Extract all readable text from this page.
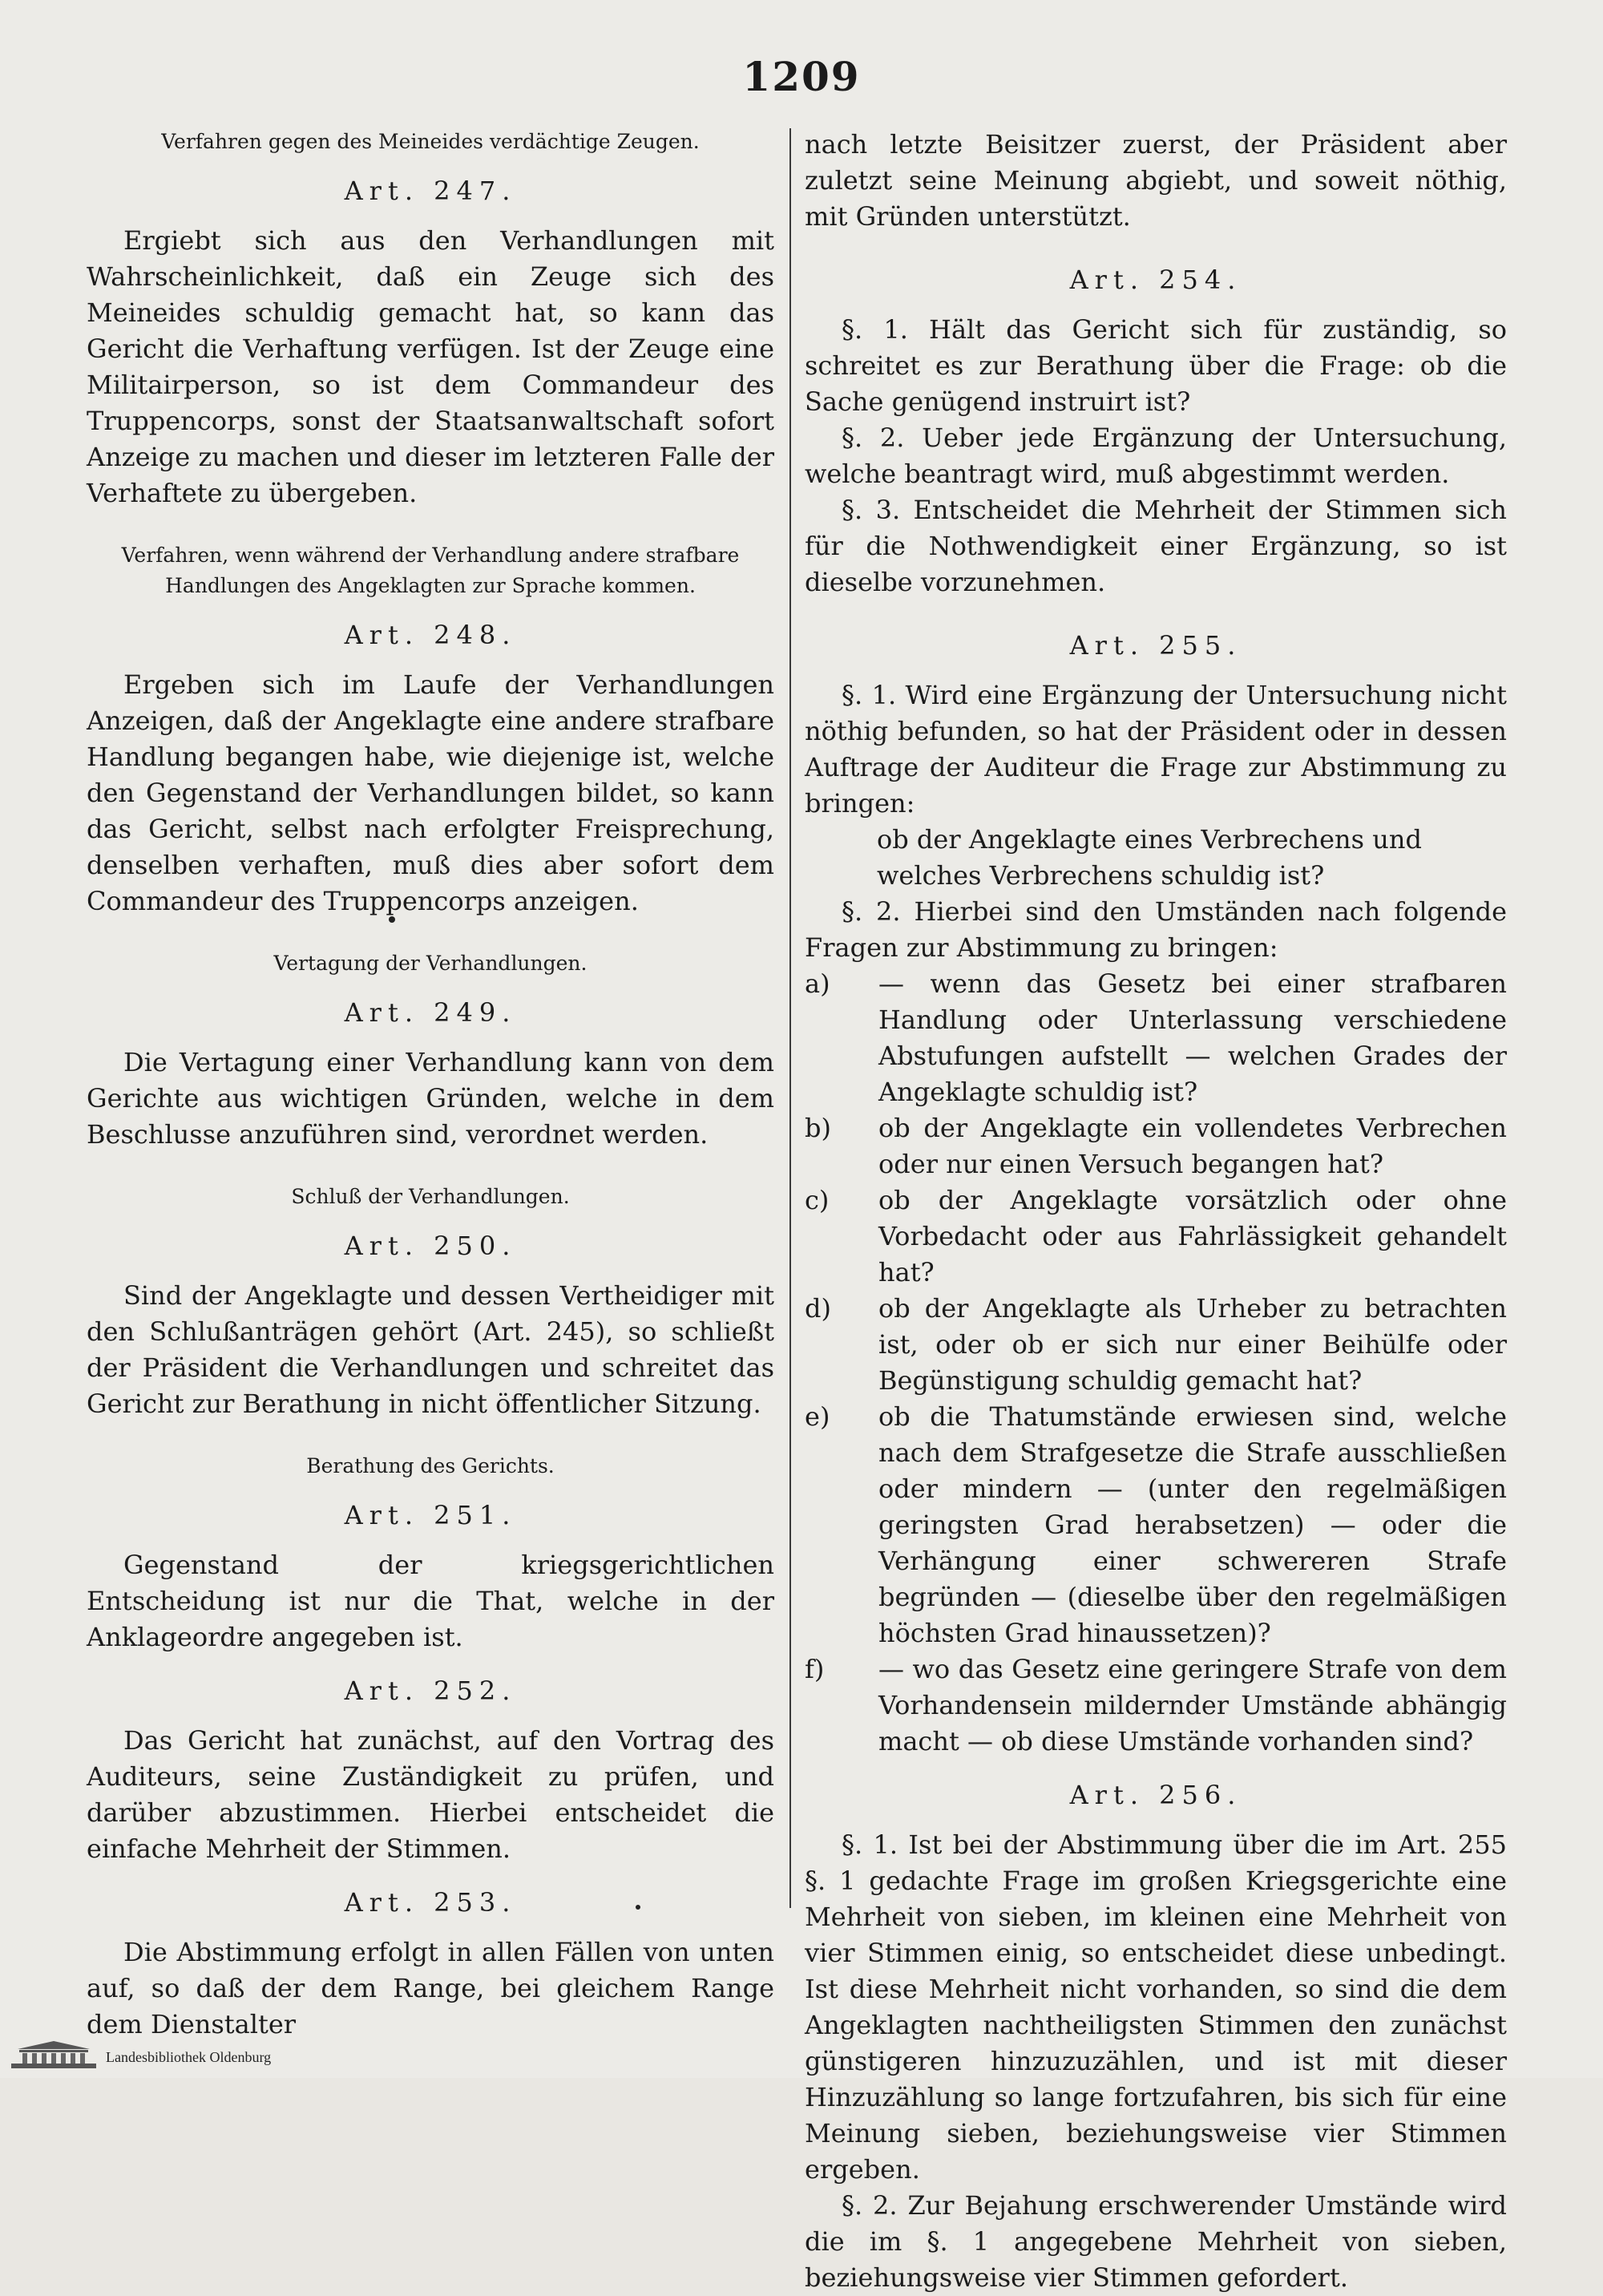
1209
Verfahren gegen des Meineides verdächtige Zeugen.
Art. 247.

Ergiebt sich aus den Verhandlungen mit Wahrscheinlichkeit, daß ein Zeuge sich des Meineides schuldig gemacht hat, so kann das Gericht die Verhaftung verfügen. Ist der Zeuge eine Militairperson, so ist dem Commandeur des Truppencorps, sonst der Staatsanwaltschaft sofort Anzeige zu machen und dieser im letzteren Falle der Verhaftete zu übergeben.

Verfahren, wenn während der Verhandlung andere strafbare Handlungen des Angeklagten zur Sprache kommen.
Art. 248.

Ergeben sich im Laufe der Verhandlungen Anzeigen, daß der Angeklagte eine andere strafbare Handlung begangen habe, wie diejenige ist, welche den Gegenstand der Verhandlungen bildet, so kann das Gericht, selbst nach erfolgter Freisprechung, denselben verhaften, muß dies aber sofort dem Commandeur des Truppencorps anzeigen.

Vertagung der Verhandlungen.
Art. 249.

Die Vertagung einer Verhandlung kann von dem Gerichte aus wichtigen Gründen, welche in dem Beschlusse anzuführen sind, verordnet werden.

Schluß der Verhandlungen.
Art. 250.

Sind der Angeklagte und dessen Vertheidiger mit den Schlußanträgen gehört (Art. 245), so schließt der Präsident die Verhandlungen und schreitet das Gericht zur Berathung in nicht öffentlicher Sitzung.

Berathung des Gerichts.
Art. 251.

Gegenstand der kriegsgerichtlichen Entscheidung ist nur die That, welche in der Anklageordre angegeben ist.

Art. 252.

Das Gericht hat zunächst, auf den Vortrag des Auditeurs, seine Zuständigkeit zu prüfen, und darüber abzustimmen. Hierbei entscheidet die einfache Mehrheit der Stimmen.

Art. 253.

Die Abstimmung erfolgt in allen Fällen von unten auf, so daß der dem Range, bei gleichem Range dem Dienstalter

nach letzte Beisitzer zuerst, der Präsident aber zuletzt seine Meinung abgiebt, und soweit nöthig, mit Gründen unterstützt.

Art. 254.

§. 1. Hält das Gericht sich für zuständig, so schreitet es zur Berathung über die Frage: ob die Sache genügend instruirt ist?

§. 2. Ueber jede Ergänzung der Untersuchung, welche beantragt wird, muß abgestimmt werden.

§. 3. Entscheidet die Mehrheit der Stimmen sich für die Nothwendigkeit einer Ergänzung, so ist dieselbe vorzunehmen.

Art. 255.

§. 1. Wird eine Ergänzung der Untersuchung nicht nöthig befunden, so hat der Präsident oder in dessen Auftrage der Auditeur die Frage zur Abstimmung zu bringen:

ob der Angeklagte eines Verbrechens und welches Verbrechens schuldig ist?

§. 2. Hierbei sind den Umständen nach folgende Fragen zur Abstimmung zu bringen:

a)	— wenn das Gesetz bei einer strafbaren Handlung oder Unterlassung verschiedene Abstufungen aufstellt — welchen Grades der Angeklagte schuldig ist?
b)	ob der Angeklagte ein vollendetes Verbrechen oder nur einen Versuch begangen hat?
c)	ob der Angeklagte vorsätzlich oder ohne Vorbedacht oder aus Fahrlässigkeit gehandelt hat?
d)	ob der Angeklagte als Urheber zu betrachten ist, oder ob er sich nur einer Beihülfe oder Begünstigung schuldig gemacht hat?
e)	ob die Thatumstände erwiesen sind, welche nach dem Strafgesetze die Strafe ausschließen oder mindern — (unter den regelmäßigen geringsten Grad herabsetzen) — oder die Verhängung einer schwereren Strafe begründen — (dieselbe über den regelmäßigen höchsten Grad hinaussetzen)?
f)	— wo das Gesetz eine geringere Strafe von dem Vorhandensein mildernder Umstände abhängig macht — ob diese Umstände vorhanden sind?
Art. 256.

§. 1. Ist bei der Abstimmung über die im Art. 255 §. 1 gedachte Frage im großen Kriegsgerichte eine Mehrheit von sieben, im kleinen eine Mehrheit von vier Stimmen einig, so entscheidet diese unbedingt. Ist diese Mehrheit nicht vorhanden, so sind die dem Angeklagten nachtheiligsten Stimmen den zunächst günstigeren hinzuzuzählen, und ist mit dieser Hinzuzählung so lange fortzufahren, bis sich für eine Meinung sieben, beziehungsweise vier Stimmen ergeben.

§. 2. Zur Bejahung erschwerender Umstände wird die im §. 1 angegebene Mehrheit von sieben, beziehungsweise vier Stimmen gefordert.

Landesbibliothek Oldenburg
